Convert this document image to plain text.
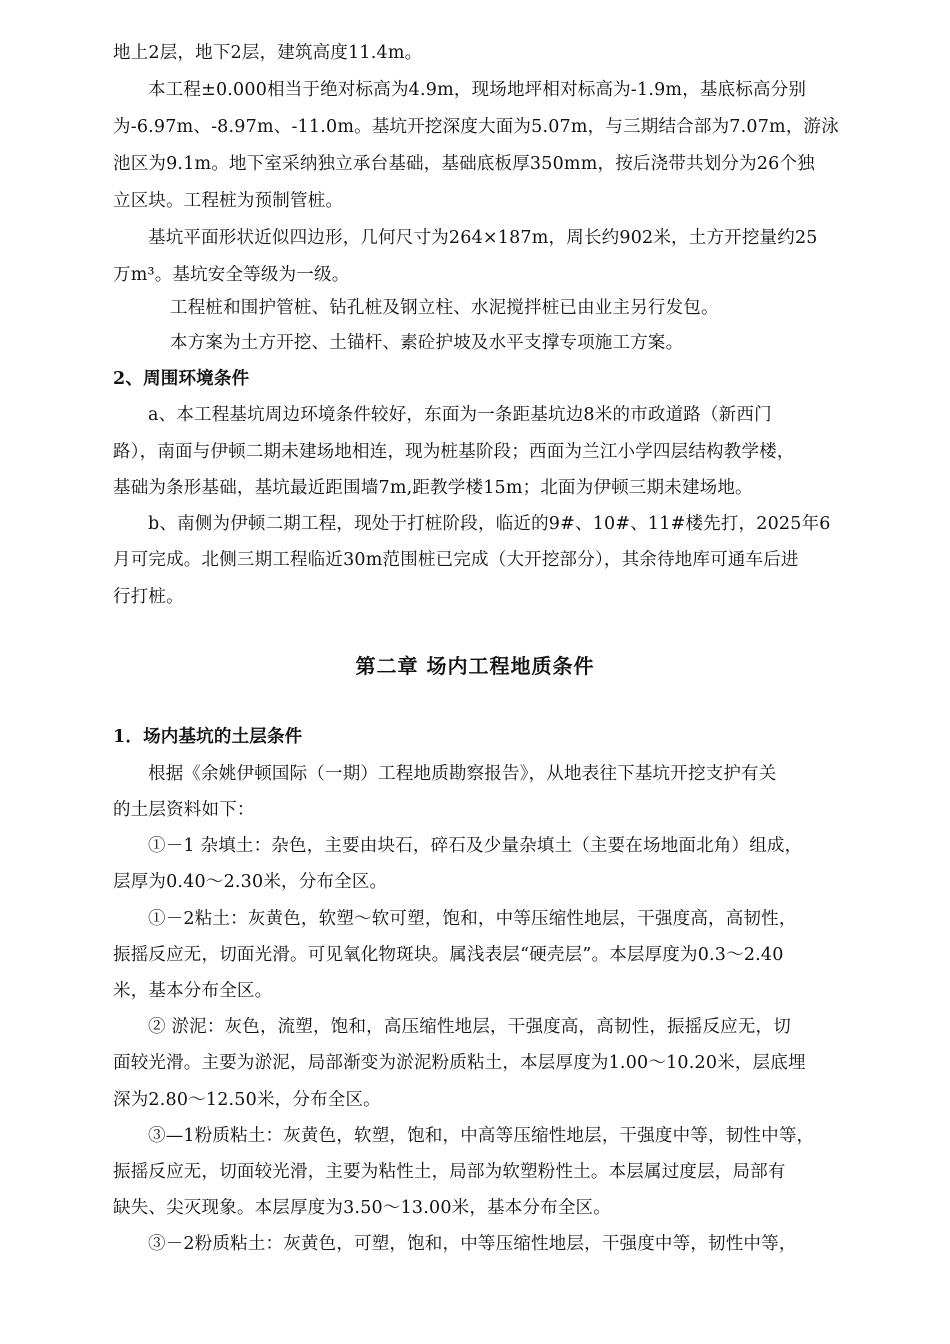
地上2层，地下2层，建筑高度11.4m。
本工程±0.000相当于绝对标高为4.9m，现场地坪相对标高为-1.9m，基底标高分别
为-6.97m、-8.97m、-11.0m。基坑开挖深度大面为5.07m，与三期结合部为7.07m，游泳
池区为9.1m。地下室采纳独立承台基础，基础底板厚350mm，按后浇带共划分为26个独
立区块。工程桩为预制管桩。
基坑平面形状近似四边形，几何尺寸为264×187m，周长约902米，土方开挖量约25
万m³。基坑安全等级为一级。
工程桩和围护管桩、钻孔桩及钢立柱、水泥搅拌桩已由业主另行发包。
本方案为土方开挖、土锚杆、素砼护坡及水平支撑专项施工方案。
2、周围环境条件
a、本工程基坑周边环境条件较好，东面为一条距基坑边8米的市政道路（新西门
路），南面与伊顿二期未建场地相连，现为桩基阶段；西面为兰江小学四层结构教学楼，
基础为条形基础，基坑最近距围墙7m,距教学楼15m；北面为伊顿三期未建场地。
b、南侧为伊顿二期工程，现处于打桩阶段，临近的9#、10#、11#楼先打，2025年6
月可完成。北侧三期工程临近30m范围桩已完成（大开挖部分），其余待地库可通车后进
行打桩。
第二章 场内工程地质条件
1．场内基坑的土层条件
根据《余姚伊顿国际（一期）工程地质勘察报告》，从地表往下基坑开挖支护有关
的土层资料如下：
①－1 杂填土：杂色，主要由块石，碎石及少量杂填土（主要在场地面北角）组成，
层厚为0.40～2.30米，分布全区。
①－2粘土：灰黄色，软塑～软可塑，饱和，中等压缩性地层，干强度高，高韧性，
振摇反应无，切面光滑。可见氧化物斑块。属浅表层“硬壳层”。本层厚度为0.3～2.40
米，基本分布全区。
② 淤泥：灰色，流塑，饱和，高压缩性地层，干强度高，高韧性，振摇反应无，切
面较光滑。主要为淤泥，局部渐变为淤泥粉质粘土，本层厚度为1.00～10.20米，层底埋
深为2.80～12.50米，分布全区。
③—1粉质粘土：灰黄色，软塑，饱和，中高等压缩性地层，干强度中等，韧性中等，
振摇反应无，切面较光滑，主要为粘性土，局部为软塑粉性土。本层属过度层，局部有
缺失、尖灭现象。本层厚度为3.50～13.00米，基本分布全区。
③－2粉质粘土：灰黄色，可塑，饱和，中等压缩性地层，干强度中等，韧性中等，
